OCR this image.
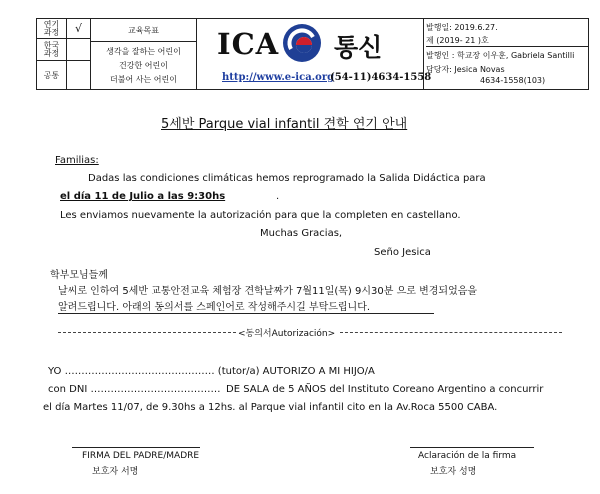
연기
과정
한국
과정
공통
√	교육목표
생각을 잘하는 어린이
건강한 어린이
더불어 사는 어린이
ICA 통신
http://www.e-ica.org
(54-11)4634-1558
발행일: 2019.6.27.
제 (2019- 21 )호
발행인 : 학교장 이우훈, Gabriela Santilli
담당자: Jesica Novas
4634-1558(103)
5세반 Parque vial infantil 견학 연기 안내
Familias:
Dadas las condiciones climáticas hemos reprogramado la Salida Didáctica para
el día 11 de Julio a las 9:30hs	.
Les enviamos nuevamente la autorización para que la completen en castellano.
Muchas Gracias,
Seño Jesica
학부모님들께
날씨로 인하여 5세반 교통안전교육 체험장 견학날짜가 7월11일(목) 9시30분 으로 변경되었음을
알려드립니다. 아래의 동의서를 스페인어로 작성해주시길 부탁드립니다.
<동의서Autorización>
YO ……………………………………… (tutor/a) AUTORIZO A MI HIJO/A
con DNI ………………………………… DE SALA de 5 AÑOS del Instituto Coreano Argentino a concurrir
el día Martes 11/07, de 9.30hs a 12hs. al Parque vial infantil cito en la Av.Roca 5500 CABA.
FIRMA DEL PADRE/MADRE
보호자 서명
Aclaración de la firma
보호자 성명
